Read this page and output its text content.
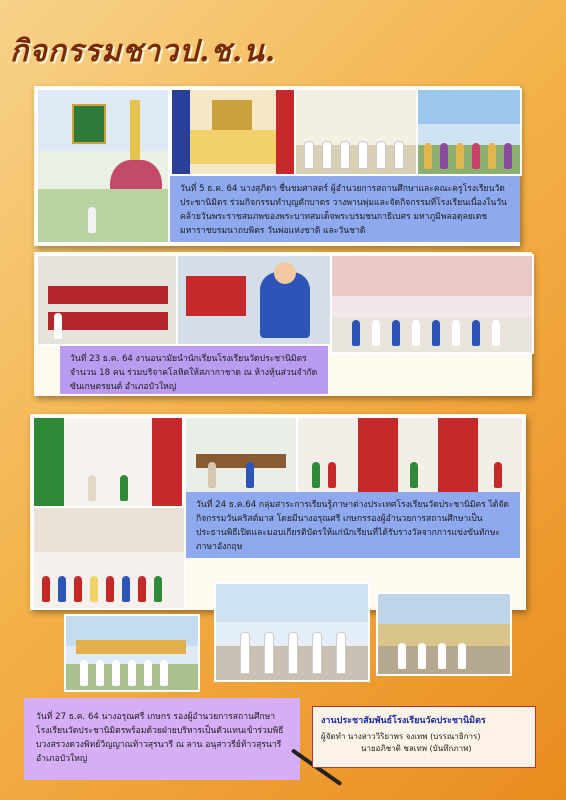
กิจกรรมชาวป.ช.น.
วันที่ 5 ธ.ค. 64 นางสุภิดา ชื่นชมศาสตร์ ผู้อำนวยการสถานศึกษาและคณะครูโรงเรียนวัดประชานิมิตร ร่วมกิจกรรมทำบุญตักบาตร วางพานพุ่มและจัดกิจกรรมที่โรงเรียนเนื่องในวันคล้ายวันพระราชสมภพของพระบาทสมเด็จพระบรมชนกาธิเบศร มหาภูมิพลอดุลยเดชมหาราชบรมนาถบพิตร วันพ่อแห่งชาติ และวันชาติ
วันที่ 23 ธ.ค. 64 งานอนามัยนำนักเรียนโรงเรียนวัดประชานิมิตร จำนวน 18 คน ร่วมบริจาคโลหิตให้สภากาชาด ณ ห้างหุ้นส่วนจำกัดซันเกษตรยนต์ อำเภอบัวใหญ่
วันที่ 24 ธ.ค.64 กลุ่มสาระการเรียนรู้ภาษาต่างประเทศโรงเรียนวัดประชานิมิตร ได้จัดกิจกรรมวันคริสต์มาส โดยมีนางอรุณศรี เกษกรรองผู้อำนวยการสถานศึกษาเป็นประธานพิธีเปิดและมอบเกียรติบัตรให้แก่นักเรียนที่ได้รับรางวัลจากการแข่งขันทักษะภาษาอังกฤษ
วันที่ 27 ธ.ค. 64 นางอรุณศรี เกษกร รองผู้อำนวยการสถานศึกษาโรงเรียนวัดประชานิมิตรพร้อมด้วยฝ่ายบริหารเป็นตัวแทนเข้าร่วมพิธีบวงสรวงดวงพิทย์วิญญาณท้าวสุรนารี ณ ลาน อนุสาวรีย์ท้าวสุรนารี อำเภอบัวใหญ่
งานประชาสัมพันธ์โรงเรียนวัดประชานิมิตร
ผู้จัดทำ นางสาววิริยาพร จงเทพ (บรรณาธิการ)
นายอภิชาติ ชลเทพ (บันทึกภาพ)
